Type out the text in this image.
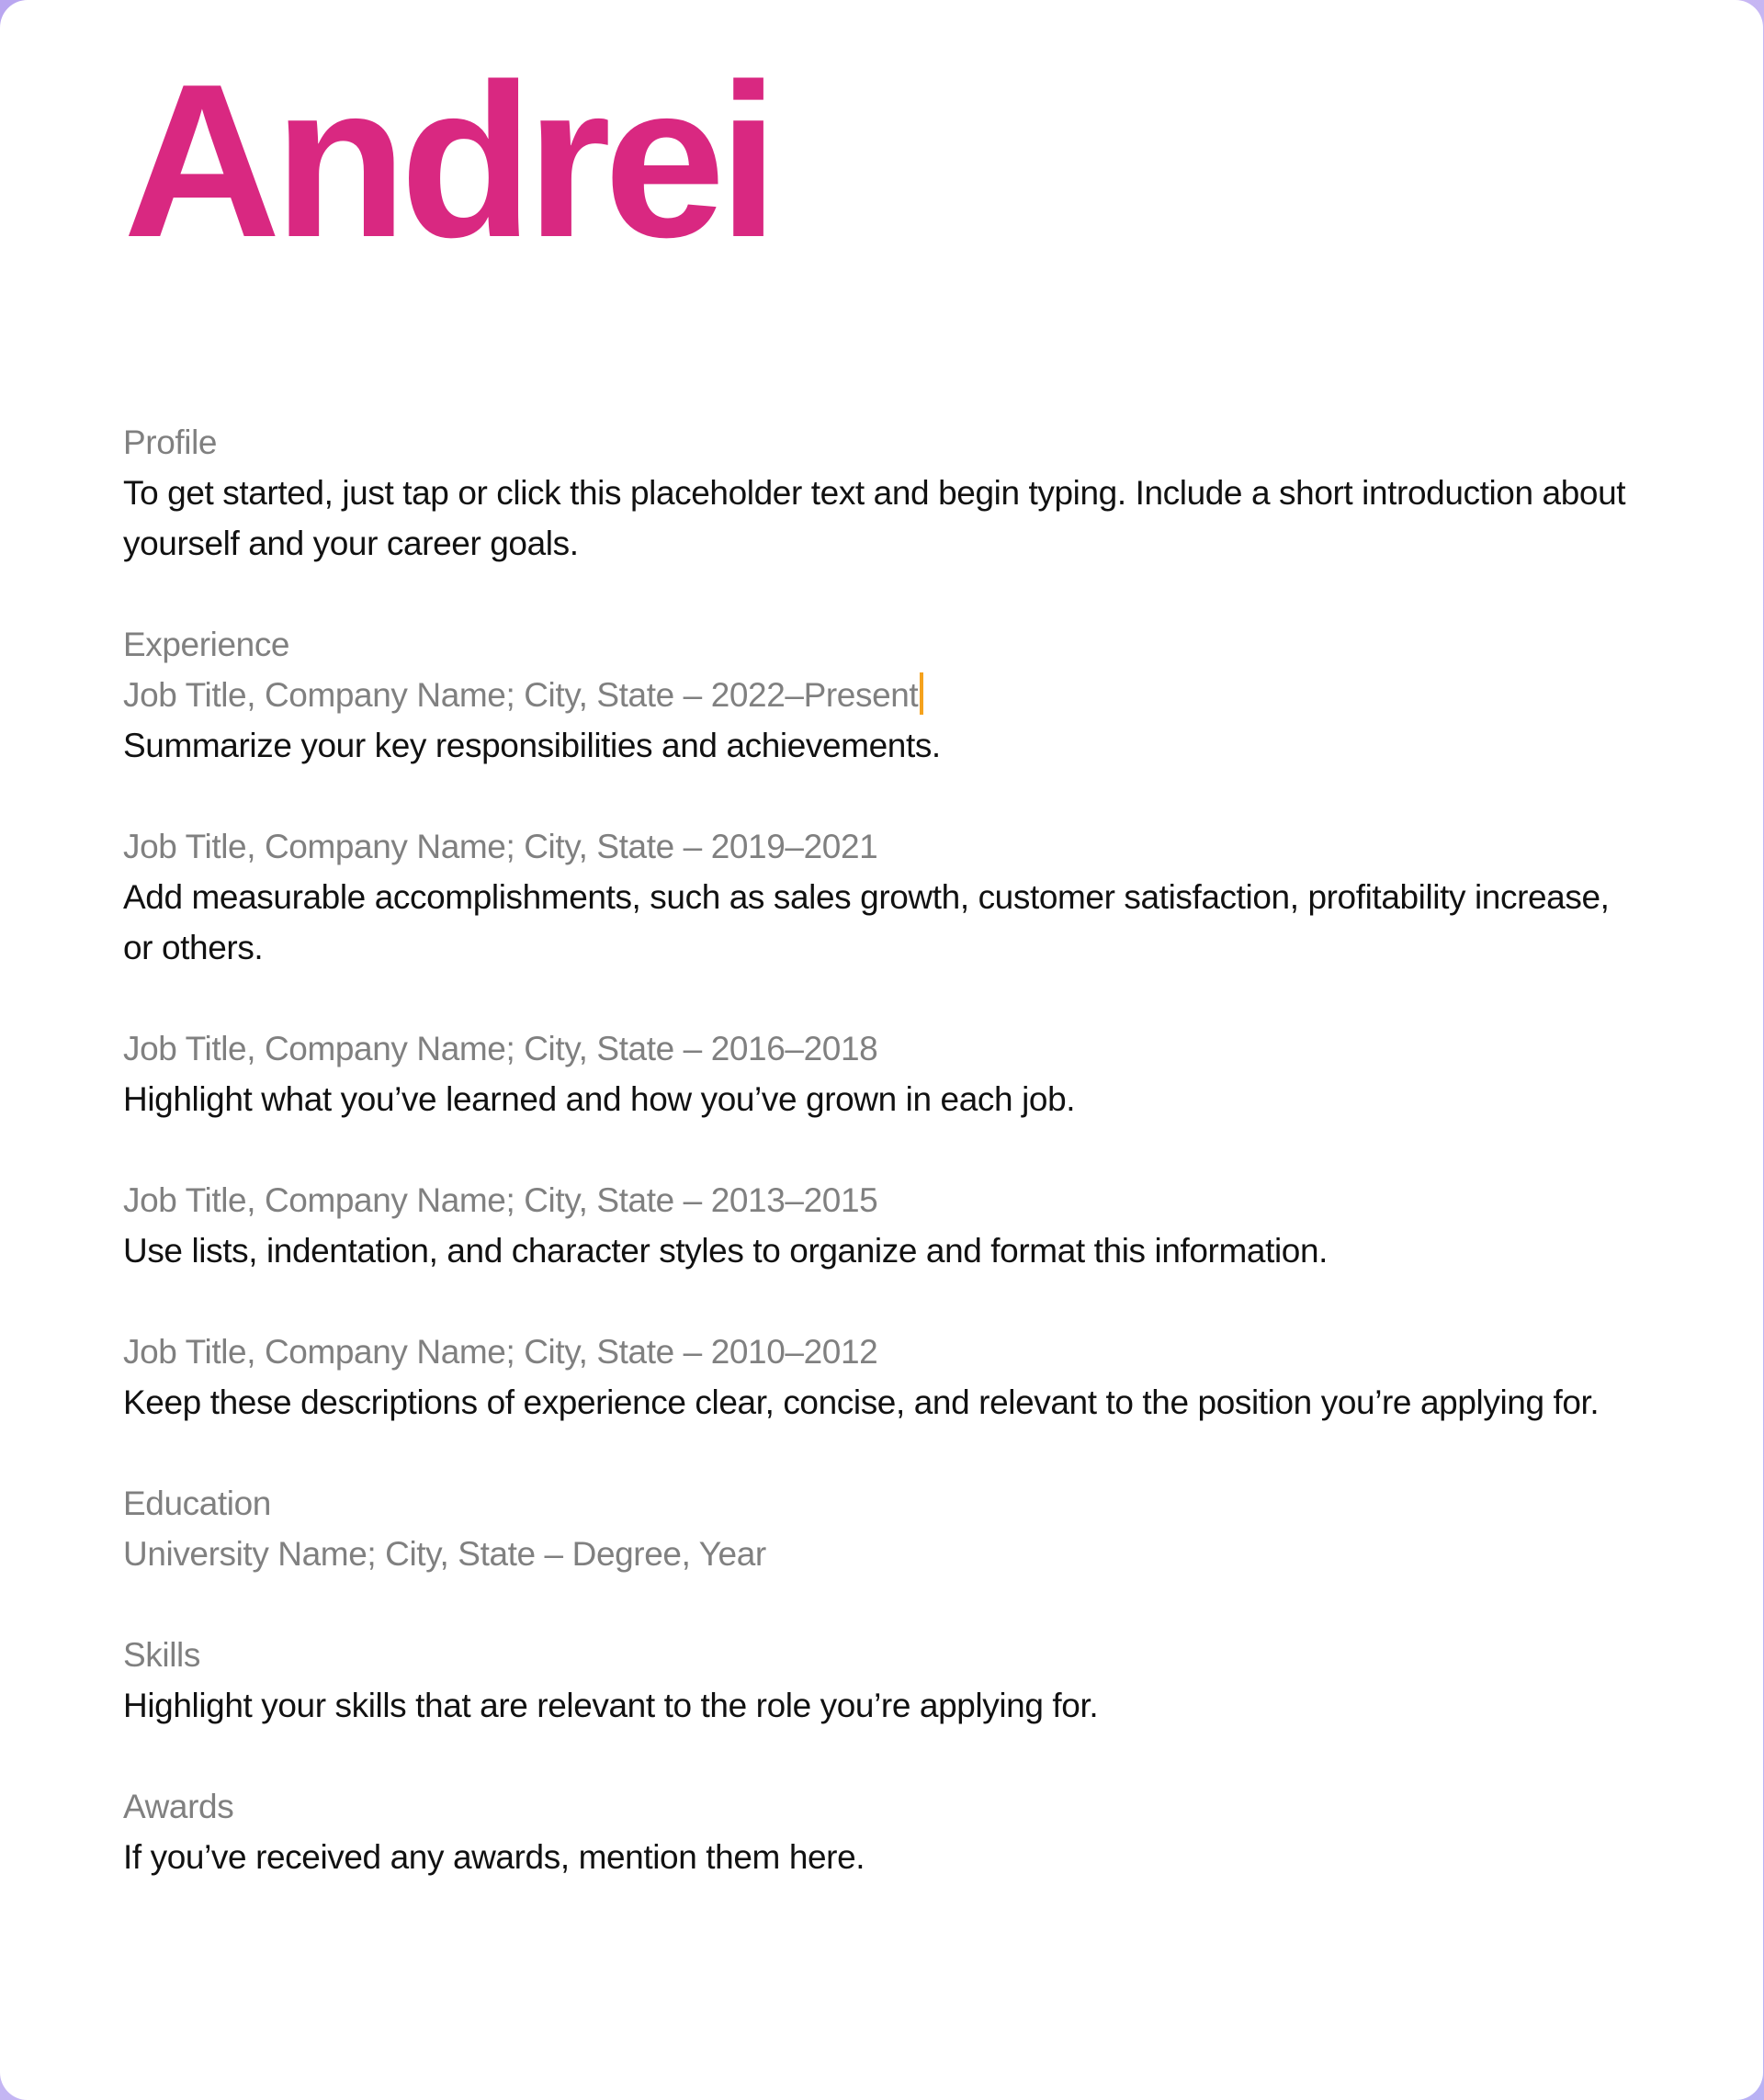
Andrei
Profile
To get started, just tap or click this placeholder text and begin typing. Include a short introduction about yourself and your career goals.
Experience
Job Title, Company Name; City, State – 2022–Present
Summarize your key responsibilities and achievements.
Job Title, Company Name; City, State – 2019–2021
Add measurable accomplishments, such as sales growth, customer satisfaction, profitability increase, or others.
Job Title, Company Name; City, State – 2016–2018
Highlight what you’ve learned and how you’ve grown in each job.
Job Title, Company Name; City, State – 2013–2015
Use lists, indentation, and character styles to organize and format this information.
Job Title, Company Name; City, State – 2010–2012
Keep these descriptions of experience clear, concise, and relevant to the position you’re applying for.
Education
University Name; City, State – Degree, Year
Skills
Highlight your skills that are relevant to the role you’re applying for.
Awards
If you’ve received any awards, mention them here.
